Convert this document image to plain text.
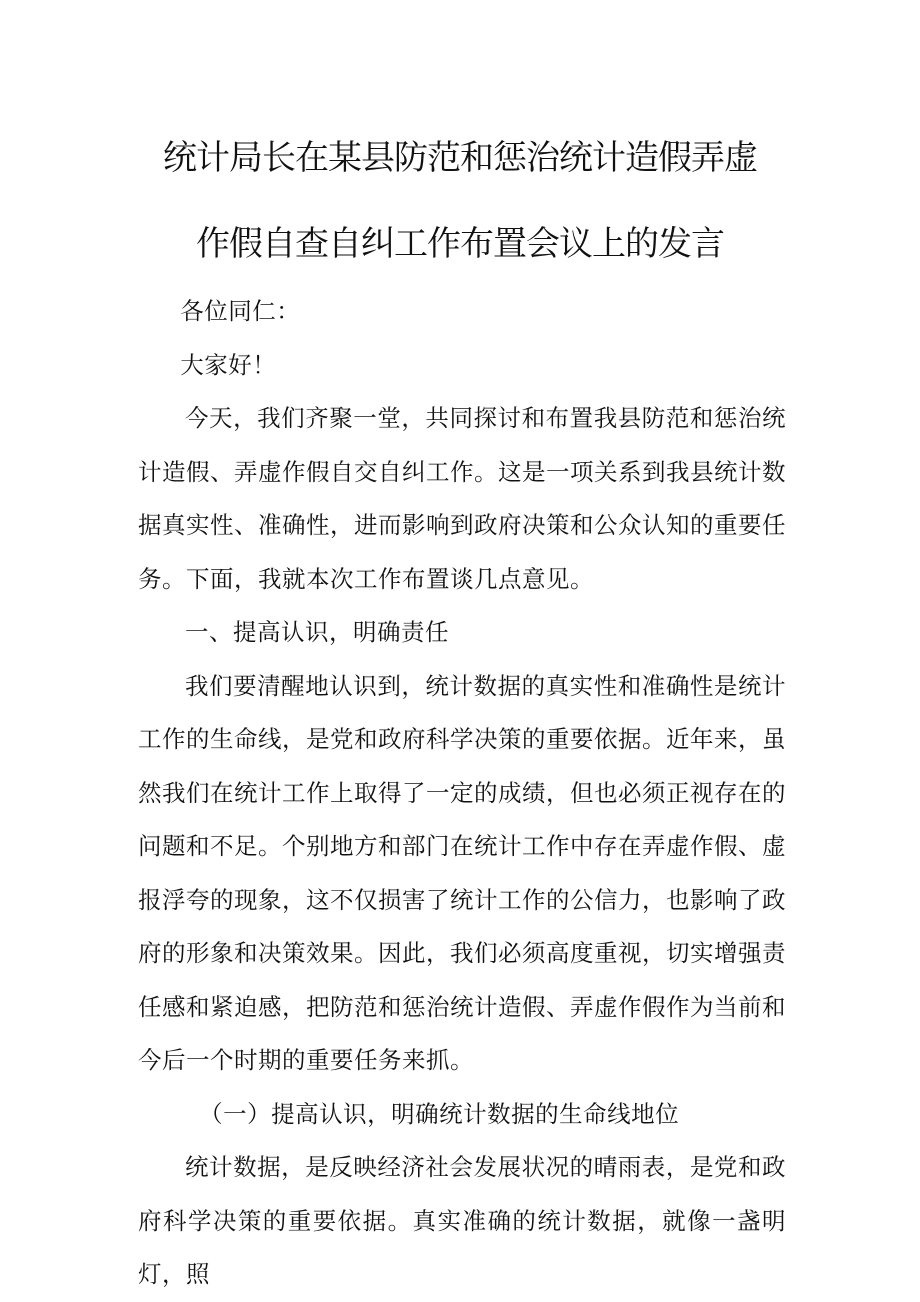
统计局长在某县防范和惩治统计造假弄虚
作假自查自纠工作布置会议上的发言

各位同仁：

大家好！

今天，我们齐聚一堂，共同探讨和布置我县防范和惩治统计造假、弄虚作假自交自纠工作。这是一项关系到我县统计数据真实性、准确性，进而影响到政府决策和公众认知的重要任务。下面，我就本次工作布置谈几点意见。

一、提高认识，明确责任

我们要清醒地认识到，统计数据的真实性和准确性是统计工作的生命线，是党和政府科学决策的重要依据。近年来，虽然我们在统计工作上取得了一定的成绩，但也必须正视存在的问题和不足。个别地方和部门在统计工作中存在弄虚作假、虚报浮夸的现象，这不仅损害了统计工作的公信力，也影响了政府的形象和决策效果。因此，我们必须高度重视，切实增强责任感和紧迫感，把防范和惩治统计造假、弄虚作假作为当前和今后一个时期的重要任务来抓。

（一）提高认识，明确统计数据的生命线地位

统计数据，是反映经济社会发展状况的晴雨表，是党和政府科学决策的重要依据。真实准确的统计数据，就像一盏明灯，照
